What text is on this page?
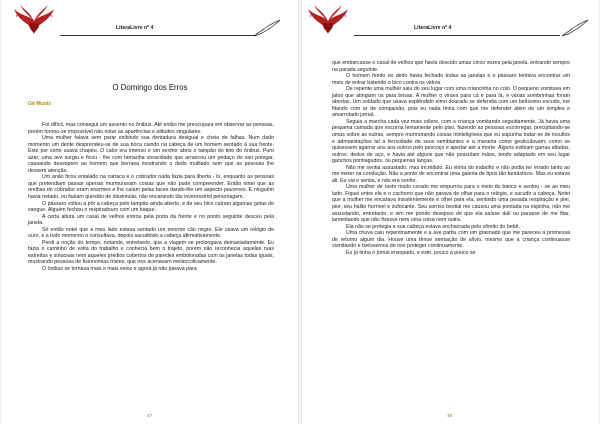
LiteraLivre nº 4
O Domingo dos Erros
Gê Muniz

Foi difícil, mas consegui um assento no ônibus. Até então me preocupara em observar as pessoas, porém tornou-se impossível não notar as aparências e atitudes singulares.

Uma mulher falava sem parar exibindo sua dentadura desigual e cheia de falhas. Num dado momento um dente desprendeu-se de sua boca caindo na cabeça de um homem sentado à sua frente. Este por sorte usava chapéu. O calor era intenso e um senhor abriu o tampão do teto do ônibus. Puro azar; uma ave surgiu e ficou - lhe com tamanha voracidade que arrancou um pedaço do seu polegar, causando desespero ao homem que berrava mostrando o dedo mutilado sem que as pessoas lhe dessem atenção.

Um anão ficou entalado na catraca e o cobrador nada fazia para liberta - lo, enquanto as pessoas que pretendiam passar apenas murmuravam coisas que não pude compreender. Então notei que as orelhas do cobrador eram enormes e lhe caíam pelas faces dando-lhe um aspecto pavoroso. E ninguém havia notado, ou faziam questão de dissimular, não encarando tão inverossímil personagem.

O pássaro voltou a pôr a cabeça pelo tampão ainda aberto, e de seu bico caíram algumas gotas de sangue. Alguém fechou o respiradouro com um baque.

A certa altura um casal de velhos entrou pela porta da frente e no ponto seguinte desceu pela janela.

Só então notei que a meu lado estava sentado um enorme cão negro. Ele usava um relógio de ouro, e a todo momento o consultava, depois sacudindo a cabeça afirmativamente.

Perdi a noção do tempo, notando, entretanto, que a viagem se prolongava demasiadamente. Eu fazia o caminho de volta do trabalho e conhecia bem o trajeto, porém não reconhecia aquelas ruas estreitas e sinuosas nem aqueles prédios cobertos de paredes emboloradas com as janelas todas iguais, mostrando pessoas de fisionomias tristes, que nos acenavam melancolicamente.

O ônibus se tornava mais e mais veloz e agora já não parava para

47
LiteraLivre nº 4

que embarcasse o casal de velhos que havia descido umas cinco vezes pela janela, entrando sempre na parada seguinte.

O homem ferido no dedo havia fechado todas as janelas e o pássaro tentava encontrar um meio de entrar batendo o bico contra os vidros.

De repente uma mulher saiu do seu lugar com uma criancinha no colo. O pequeno vomitava em jatos que atingiam os para brisas. A mulher o virava para cá e para lá, e várias sombrinhas foram abertas. Um soldado que usava esplêndido elmo dourado se defendia com um belíssimo escudo, me fitando com ar de compaixão, pois eu nada tinha com que me defender além de um simples e amarrotado jornal.

Seguia a marcha cada vez mais célere, com a criança vomitando seguidamente. Já havia uma pequena camada que escorria lentamente pelo piso, fazendo as pessoas escorregar, precipitando-se umas sobre as outras, sempre murmurando coisas ininteligíveis que eu supunha tratar-se de insultos e admoestações tal a ferocidade de seus semblantes e a maneira como gesticulavam; como se quisessem agarrar uns aos outros pelo pescoço e apertar até a morte. Alguns exibiam garras afiadas, outros; dedos de aço, e havia até alguns que não possuíam mãos, tendo adaptado em seu lugar ganchos pontiagudos, ou pequenas lanças.

Não me sentia assustado, mas incrédulo. Eu vinha do trabalho e não podia ter errado tanto ao me meter na condução. Não a ponto de encontrar uma galeria de tipos tão fantásticos. Mas eu estava ali. Eu via e sentia, e não era sonho.

Uma mulher de rosto muito corado me empurrou para o meio do banco e sentou - se ao meu lado. Fiquei entre ela e o cachorro que não parava de olhar para o relógio, e sacudir a cabeça. Notei que a mulher me encarava insistentemente e olhei para ela, sentindo uma pesada respiração e piei, pior, seu hálito horrível e sufocante. Seu sorriso bestial me causou uma pontada na espinha, não me assustando, entretanto, e sim me pondo desejoso de que ela saísse dali ou parasse de me fitar, lamentando que não fizesse nem uma coisa nem outra.

Ela não se protegia e sua cabeça estava encharcada pelo vômito do bebê.

Uma chuva caiu repentinamente e a ave partiu com um grasnado que me pareceu a promessa de retorno algum dia. Houve uma tênue sensação de alívio, mesmo que a criança continuasse vomitando e tivéssemos de nos proteger continuamente.

Eu já tinha o jornal ensopado, e este, pouco a pouco se

48
